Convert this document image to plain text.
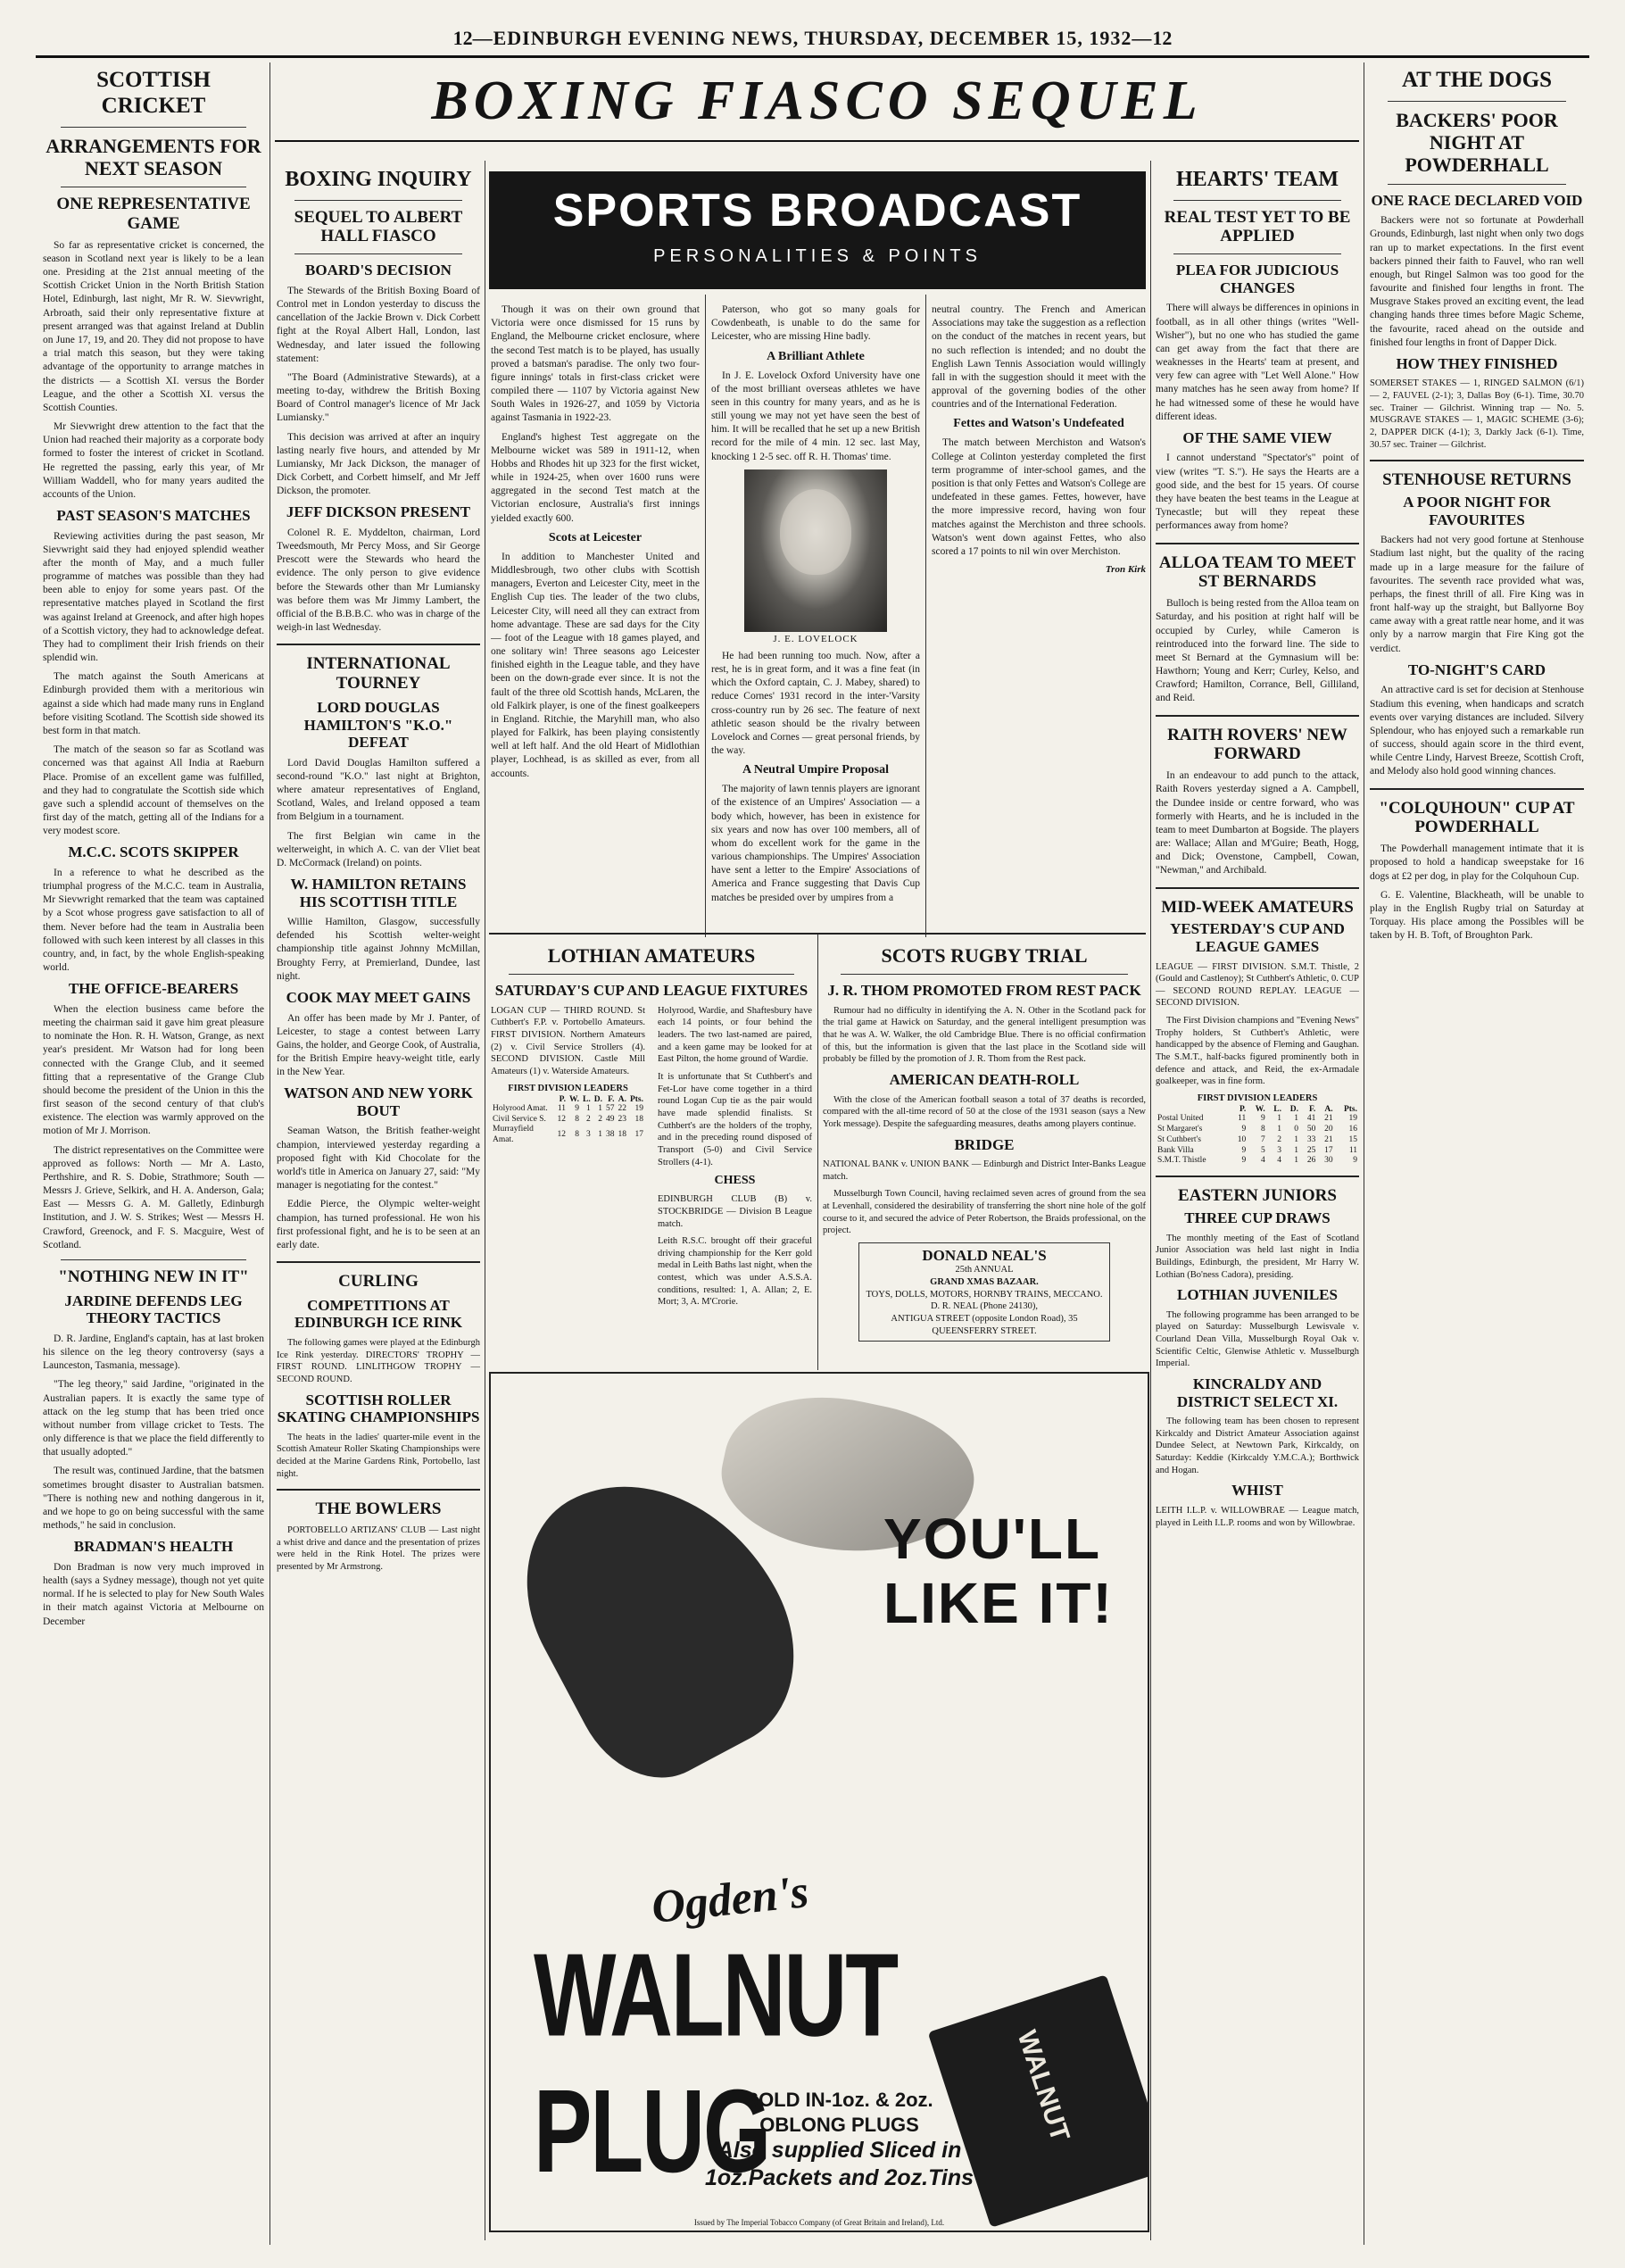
12—EDINBURGH EVENING NEWS, THURSDAY, DECEMBER 15, 1932—12
BOXING FIASCO SEQUEL
SCOTTISH CRICKET
ARRANGEMENTS FOR NEXT SEASON
ONE REPRESENTATIVE GAME

So far as representative cricket is concerned, the season in Scotland next year is likely to be a lean one. Presiding at the 21st annual meeting of the Scottish Cricket Union in the North British Station Hotel, Edinburgh, last night, Mr R. W. Sievwright, Arbroath, said their only representative fixture at present arranged was that against Ireland at Dublin on June 17, 19, and 20. They did not propose to have a trial match this season, but they were taking advantage of the opportunity to arrange matches in the districts — a Scottish XI. versus the Border League, and the other a Scottish XI. versus the Scottish Counties.

Mr Sievwright drew attention to the fact that the Union had reached their majority as a corporate body formed to foster the interest of cricket in Scotland. He regretted the passing, early this year, of Mr William Waddell, who for many years audited the accounts of the Union.

PAST SEASON'S MATCHES

Reviewing activities during the past season, Mr Sievwright said they had enjoyed splendid weather after the month of May, and a much fuller programme of matches was possible than they had been able to enjoy for some years past. Of the representative matches played in Scotland the first was against Ireland at Greenock, and after high hopes of a Scottish victory, they had to acknowledge defeat. They had to compliment their Irish friends on their splendid win.

The match against the South Americans at Edinburgh provided them with a meritorious win against a side which had made many runs in England before visiting Scotland. The Scottish side showed its best form in that match.

The match of the season so far as Scotland was concerned was that against All India at Raeburn Place. Promise of an excellent game was fulfilled, and they had to congratulate the Scottish side which gave such a splendid account of themselves on the first day of the match, getting all of the Indians for a very modest score.

M.C.C. SCOTS SKIPPER

In a reference to what he described as the triumphal progress of the M.C.C. team in Australia, Mr Sievwright remarked that the team was captained by a Scot whose progress gave satisfaction to all of them. Never before had the team in Australia been followed with such keen interest by all classes in this country, and, in fact, by the whole English-speaking world.

THE OFFICE-BEARERS

When the election business came before the meeting the chairman said it gave him great pleasure to nominate the Hon. R. H. Watson, Grange, as next year's president. Mr Watson had for long been connected with the Grange Club, and it seemed fitting that a representative of the Grange Club should become the president of the Union in this the first season of the second century of that club's existence. The election was warmly approved on the motion of Mr J. Morrison.

The district representatives on the Committee were approved as follows: North — Mr A. Lasto, Perthshire, and R. S. Dobie, Strathmore; South — Messrs J. Grieve, Selkirk, and H. A. Anderson, Gala; East — Messrs G. A. M. Galletly, Edinburgh Institution, and J. W. S. Strikes; West — Messrs H. Crawford, Greenock, and F. S. Macguire, West of Scotland.

"NOTHING NEW IN IT"
JARDINE DEFENDS LEG THEORY TACTICS

D. R. Jardine, England's captain, has at last broken his silence on the leg theory controversy (says a Launceston, Tasmania, message).

"The leg theory," said Jardine, "originated in the Australian papers. It is exactly the same type of attack on the leg stump that has been tried once without number from village cricket to Tests. The only difference is that we place the field differently to that usually adopted."

The result was, continued Jardine, that the batsmen sometimes brought disaster to Australian batsmen. "There is nothing new and nothing dangerous in it, and we hope to go on being successful with the same methods," he said in conclusion.

BRADMAN'S HEALTH

Don Bradman is now very much improved in health (says a Sydney message), though not yet quite normal. If he is selected to play for New South Wales in their match against Victoria at Melbourne on December

BOXING INQUIRY
SEQUEL TO ALBERT HALL FIASCO
BOARD'S DECISION

The Stewards of the British Boxing Board of Control met in London yesterday to discuss the cancellation of the Jackie Brown v. Dick Corbett fight at the Royal Albert Hall, London, last Wednesday, and later issued the following statement:

"The Board (Administrative Stewards), at a meeting to-day, withdrew the British Boxing Board of Control manager's licence of Mr Jack Lumiansky."

This decision was arrived at after an inquiry lasting nearly five hours, and attended by Mr Lumiansky, Mr Jack Dickson, the manager of Dick Corbett, and Corbett himself, and Mr Jeff Dickson, the promoter.

JEFF DICKSON PRESENT

Colonel R. E. Myddelton, chairman, Lord Tweedsmouth, Mr Percy Moss, and Sir George Prescott were the Stewards who heard the evidence. The only person to give evidence before the Stewards other than Mr Lumiansky was before them was Mr Jimmy Lambert, the official of the B.B.B.C. who was in charge of the weigh-in last Wednesday.

INTERNATIONAL TOURNEY
LORD DOUGLAS HAMILTON'S "K.O." DEFEAT

Lord David Douglas Hamilton suffered a second-round "K.O." last night at Brighton, where amateur representatives of England, Scotland, Wales, and Ireland opposed a team from Belgium in a tournament.

The first Belgian win came in the welterweight, in which A. C. van der Vliet beat D. McCormack (Ireland) on points.

W. HAMILTON RETAINS HIS SCOTTISH TITLE

Willie Hamilton, Glasgow, successfully defended his Scottish welter-weight championship title against Johnny McMillan, Broughty Ferry, at Premierland, Dundee, last night.

COOK MAY MEET GAINS

An offer has been made by Mr J. Panter, of Leicester, to stage a contest between Larry Gains, the holder, and George Cook, of Australia, for the British Empire heavy-weight title, early in the New Year.

WATSON AND NEW YORK BOUT

Seaman Watson, the British feather-weight champion, interviewed yesterday regarding a proposed fight with Kid Chocolate for the world's title in America on January 27, said: "My manager is negotiating for the contest."

Eddie Pierce, the Olympic welter-weight champion, has turned professional. He won his first professional fight, and he is to be seen at an early date.

CURLING
COMPETITIONS AT EDINBURGH ICE RINK

The following games were played at the Edinburgh Ice Rink yesterday. DIRECTORS' TROPHY — FIRST ROUND. LINLITHGOW TROPHY — SECOND ROUND.

SCOTTISH ROLLER SKATING CHAMPIONSHIPS

The heats in the ladies' quarter-mile event in the Scottish Amateur Roller Skating Championships were decided at the Marine Gardens Rink, Portobello, last night.

THE BOWLERS

PORTOBELLO ARTIZANS' CLUB — Last night a whist drive and dance and the presentation of prizes were held in the Rink Hotel. The prizes were presented by Mr Armstrong.

SPORTS BROADCAST
PERSONALITIES & POINTS

Though it was on their own ground that Victoria were once dismissed for 15 runs by England, the Melbourne cricket enclosure, where the second Test match is to be played, has usually proved a batsman's paradise. The only two four-figure innings' totals in first-class cricket were compiled there — 1107 by Victoria against New South Wales in 1926-27, and 1059 by Victoria against Tasmania in 1922-23.

England's highest Test aggregate on the Melbourne wicket was 589 in 1911-12, when Hobbs and Rhodes hit up 323 for the first wicket, while in 1924-25, when over 1600 runs were aggregated in the second Test match at the Victorian enclosure, Australia's first innings yielded exactly 600.

Scots at Leicester

In addition to Manchester United and Middlesbrough, two other clubs with Scottish managers, Everton and Leicester City, meet in the English Cup ties. The leader of the two clubs, Leicester City, will need all they can extract from home advantage. These are sad days for the City — foot of the League with 18 games played, and one solitary win! Three seasons ago Leicester finished eighth in the League table, and they have been on the down-grade ever since. It is not the fault of the three old Scottish hands, McLaren, the old Falkirk player, is one of the finest goalkeepers in England. Ritchie, the Maryhill man, who also played for Falkirk, has been playing consistently well at left half. And the old Heart of Midlothian player, Lochhead, is as skilled as ever, from all accounts.

Paterson, who got so many goals for Cowdenbeath, is unable to do the same for Leicester, who are missing Hine badly.

A Brilliant Athlete

In J. E. Lovelock Oxford University have one of the most brilliant overseas athletes we have seen in this country for many years, and as he is still young we may not yet have seen the best of him. It will be recalled that he set up a new British record for the mile of 4 min. 12 sec. last May, knocking 1 2-5 sec. off R. H. Thomas' time.

J. E. LOVELOCK

He had been running too much. Now, after a rest, he is in great form, and it was a fine feat (in which the Oxford captain, C. J. Mabey, shared) to reduce Cornes' 1931 record in the inter-'Varsity cross-country run by 26 sec. The feature of next athletic season should be the rivalry between Lovelock and Cornes — great personal friends, by the way.

A Neutral Umpire Proposal

The majority of lawn tennis players are ignorant of the existence of an Umpires' Association — a body which, however, has been in existence for six years and now has over 100 members, all of whom do excellent work for the game in the various championships. The Umpires' Association have sent a letter to the Empire' Associations of America and France suggesting that Davis Cup matches be presided over by umpires from a

neutral country. The French and American Associations may take the suggestion as a reflection on the conduct of the matches in recent years, but no such reflection is intended; and no doubt the English Lawn Tennis Association would willingly fall in with the suggestion should it meet with the approval of the governing bodies of the other countries and of the International Federation.

Fettes and Watson's Undefeated

The match between Merchiston and Watson's College at Colinton yesterday completed the first term programme of inter-school games, and the position is that only Fettes and Watson's College are undefeated in these games. Fettes, however, have the more impressive record, having won four matches against the Merchiston and three schools. Watson's went down against Fettes, who also scored a 17 points to nil win over Merchiston.

Tron Kirk
LOTHIAN AMATEURS
SATURDAY'S CUP AND LEAGUE FIXTURES

LOGAN CUP — THIRD ROUND. St Cuthbert's F.P. v. Portobello Amateurs. FIRST DIVISION. Northern Amateurs (2) v. Civil Service Strollers (4). SECOND DIVISION. Castle Mill Amateurs (1) v. Waterside Amateurs.

FIRST DIVISION LEADERS
	P.	W.	L.	D.	F.	A.	Pts.
Holyrood Amat.	11	9	1	1	57	22	19
Civil Service S.	12	8	2	2	49	23	18
Murrayfield Amat.	12	8	3	1	38	18	17

Holyrood, Wardie, and Shaftesbury have each 14 points, or four behind the leaders. The two last-named are paired, and a keen game may be looked for at East Pilton, the home ground of Wardie.

It is unfortunate that St Cuthbert's and Fet-Lor have come together in a third round Logan Cup tie as the pair would have made splendid finalists. St Cuthbert's are the holders of the trophy, and in the preceding round disposed of Transport (5-0) and Civil Service Strollers (4-1).

CHESS

EDINBURGH CLUB (B) v. STOCKBRIDGE — Division B League match.

Leith R.S.C. brought off their graceful driving championship for the Kerr gold medal in Leith Baths last night, when the contest, which was under A.S.S.A. conditions, resulted: 1, A. Allan; 2, E. Mort; 3, A. M'Crorie.

SCOTS RUGBY TRIAL
J. R. THOM PROMOTED FROM REST PACK

Rumour had no difficulty in identifying the A. N. Other in the Scotland pack for the trial game at Hawick on Saturday, and the general intelligent presumption was that he was A. W. Walker, the old Cambridge Blue. There is no official confirmation of this, but the information is given that the last place in the Scotland side will probably be filled by the promotion of J. R. Thom from the Rest pack.

AMERICAN DEATH-ROLL

With the close of the American football season a total of 37 deaths is recorded, compared with the all-time record of 50 at the close of the 1931 season (says a New York message). Despite the safeguarding measures, deaths among players continue.

BRIDGE

NATIONAL BANK v. UNION BANK — Edinburgh and District Inter-Banks League match.

Musselburgh Town Council, having reclaimed seven acres of ground from the sea at Levenhall, considered the desirability of transferring the short nine hole of the golf course to it, and secured the advice of Peter Robertson, the Braids professional, on the project.

DONALD NEAL'S
25th ANNUAL
GRAND XMAS BAZAAR.
TOYS, DOLLS, MOTORS, HORNBY TRAINS, MECCANO.
D. R. NEAL (Phone 24130),
ANTIGUA STREET (opposite London Road), 35 QUEENSFERRY STREET.
YOU'LL
LIKE IT!
Ogden's
WALNUT PLUG	WALNUT
SOLD IN-1oz. & 2oz.
OBLONG PLUGS
Also supplied Sliced in
1oz.Packets and 2oz.Tins
Issued by The Imperial Tobacco Company (of Great Britain and Ireland), Ltd.
HEARTS' TEAM
REAL TEST YET TO BE APPLIED
PLEA FOR JUDICIOUS CHANGES

There will always be differences in opinions in football, as in all other things (writes "Well-Wisher"), but no one who has studied the game can get away from the fact that there are weaknesses in the Hearts' team at present, and very few can agree with "Let Well Alone." How many matches has he seen away from home? If he had witnessed some of these he would have different ideas.

OF THE SAME VIEW

I cannot understand "Spectator's" point of view (writes "T. S."). He says the Hearts are a good side, and the best for 15 years. Of course they have beaten the best teams in the League at Tynecastle; but will they repeat these performances away from home?

ALLOA TEAM TO MEET ST BERNARDS

Bulloch is being rested from the Alloa team on Saturday, and his position at right half will be occupied by Curley, while Cameron is reintroduced into the forward line. The side to meet St Bernard at the Gymnasium will be: Hawthorn; Young and Kerr; Curley, Kelso, and Crawford; Hamilton, Corrance, Bell, Gilliland, and Reid.

RAITH ROVERS' NEW FORWARD

In an endeavour to add punch to the attack, Raith Rovers yesterday signed a A. Campbell, the Dundee inside or centre forward, who was formerly with Hearts, and he is included in the team to meet Dumbarton at Bogside. The players are: Wallace; Allan and M'Guire; Beath, Hogg, and Dick; Ovenstone, Campbell, Cowan, "Newman," and Archibald.

MID-WEEK AMATEURS
YESTERDAY'S CUP AND LEAGUE GAMES

LEAGUE — FIRST DIVISION. S.M.T. Thistle, 2 (Gould and Castlenoy); St Cuthbert's Athletic, 0. CUP — SECOND ROUND REPLAY. LEAGUE — SECOND DIVISION.

The First Division champions and "Evening News" Trophy holders, St Cuthbert's Athletic, were handicapped by the absence of Fleming and Gaughan. The S.M.T., half-backs figured prominently both in defence and attack, and Reid, the ex-Armadale goalkeeper, was in fine form.

FIRST DIVISION LEADERS
	P.	W.	L.	D.	F.	A.	Pts.
Postal United	11	9	1	1	41	21	19
St Margaret's	9	8	1	0	50	20	16
St Cuthbert's	10	7	2	1	33	21	15
Bank Villa	9	5	3	1	25	17	11
S.M.T. Thistle	9	4	4	1	26	30	9
EASTERN JUNIORS
THREE CUP DRAWS

The monthly meeting of the East of Scotland Junior Association was held last night in India Buildings, Edinburgh, the president, Mr Harry W. Lothian (Bo'ness Cadora), presiding.

LOTHIAN JUVENILES

The following programme has been arranged to be played on Saturday: Musselburgh Lewisvale v. Courland Dean Villa, Musselburgh Royal Oak v. Scientific Celtic, Glenwise Athletic v. Musselburgh Imperial.

KINCRALDY AND DISTRICT SELECT XI.

The following team has been chosen to represent Kirkcaldy and District Amateur Association against Dundee Select, at Newtown Park, Kirkcaldy, on Saturday: Keddie (Kirkcaldy Y.M.C.A.); Borthwick and Hogan.

WHIST

LEITH I.L.P. v. WILLOWBRAE — League match, played in Leith I.L.P. rooms and won by Willowbrae.

AT THE DOGS
BACKERS' POOR NIGHT AT POWDERHALL
ONE RACE DECLARED VOID

Backers were not so fortunate at Powderhall Grounds, Edinburgh, last night when only two dogs ran up to market expectations. In the first event backers pinned their faith to Fauvel, who ran well enough, but Ringel Salmon was too good for the favourite and finished four lengths in front. The Musgrave Stakes proved an exciting event, the lead changing hands three times before Magic Scheme, the favourite, raced ahead on the outside and finished four lengths in front of Dapper Dick.

HOW THEY FINISHED

SOMERSET STAKES — 1, RINGED SALMON (6/1) — 2, FAUVEL (2-1); 3, Dallas Boy (6-1). Time, 30.70 sec. Trainer — Gilchrist. Winning trap — No. 5. MUSGRAVE STAKES — 1, MAGIC SCHEME (3-6); 2, DAPPER DICK (4-1); 3, Darkly Jack (6-1). Time, 30.57 sec. Trainer — Gilchrist.

STENHOUSE RETURNS
A POOR NIGHT FOR FAVOURITES

Backers had not very good fortune at Stenhouse Stadium last night, but the quality of the racing made up in a large measure for the failure of favourites. The seventh race provided what was, perhaps, the finest thrill of all. Fire King was in front half-way up the straight, but Ballyorne Boy came away with a great rattle near home, and it was only by a narrow margin that Fire King got the verdict.

TO-NIGHT'S CARD

An attractive card is set for decision at Stenhouse Stadium this evening, when handicaps and scratch events over varying distances are included. Silvery Splendour, who has enjoyed such a remarkable run of success, should again score in the third event, while Centre Lindy, Harvest Breeze, Scottish Croft, and Melody also hold good winning chances.

"COLQUHOUN" CUP AT POWDERHALL

The Powderhall management intimate that it is proposed to hold a handicap sweepstake for 16 dogs at £2 per dog, in play for the Colquhoun Cup.

G. E. Valentine, Blackheath, will be unable to play in the English Rugby trial on Saturday at Torquay. His place among the Possibles will be taken by H. B. Toft, of Broughton Park.
